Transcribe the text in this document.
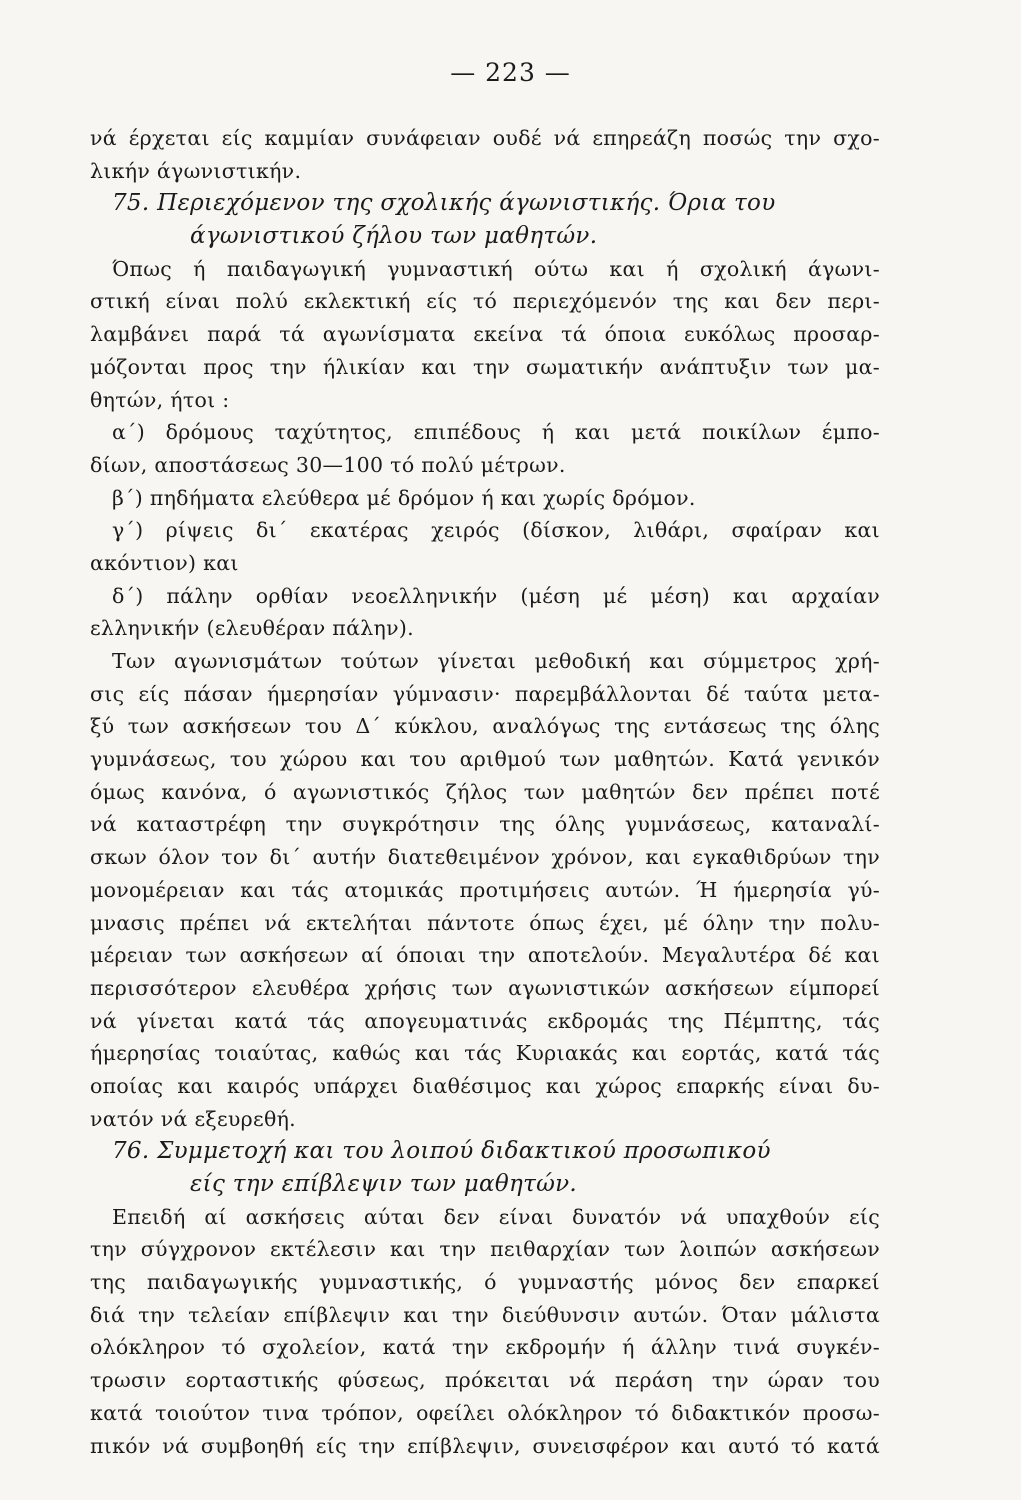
— 223 —
νά έρχεται είς καμμίαν συνάφειαν ουδέ νά επηρεάζη ποσώς την σχο-
λικήν άγωνιστικήν.
75. Περιεχόμενον της σχολικής άγωνιστικής. Όρια του
άγωνιστικού ζήλου των μαθητών.
Όπως ή παιδαγωγική γυμναστική ούτω και ή σχολική άγωνι-
στική είναι πολύ εκλεκτική είς τό περιεχόμενόν της και δεν περι-
λαμβάνει παρά τά αγωνίσματα εκείνα τά όποια ευκόλως προσαρ-
μόζονται προς την ήλικίαν και την σωματικήν ανάπτυξιν των μα-
θητών, ήτοι :
α΄) δρόμους ταχύτητος, επιπέδους ή και μετά ποικίλων έμπο-
δίων, αποστάσεως 30—100 τό πολύ μέτρων.
β΄) πηδήματα ελεύθερα μέ δρόμον ή και χωρίς δρόμον.
γ΄) ρίψεις δι΄ εκατέρας χειρός (δίσκον, λιθάρι, σφαίραν και
ακόντιον) και
δ΄) πάλην ορθίαν νεοελληνικήν (μέση μέ μέση) και αρχαίαν
ελληνικήν (ελευθέραν πάλην).
Των αγωνισμάτων τούτων γίνεται μεθοδική και σύμμετρος χρή-
σις είς πάσαν ήμερησίαν γύμνασιν· παρεμβάλλονται δέ ταύτα μετα-
ξύ των ασκήσεων του Δ΄ κύκλου, αναλόγως της εντάσεως της όλης
γυμνάσεως, του χώρου και του αριθμού των μαθητών. Κατά γενικόν
όμως κανόνα, ό αγωνιστικός ζήλος των μαθητών δεν πρέπει ποτέ
νά καταστρέφη την συγκρότησιν της όλης γυμνάσεως, καταναλί-
σκων όλον τον δι΄ αυτήν διατεθειμένον χρόνον, και εγκαθιδρύων την
μονομέρειαν και τάς ατομικάς προτιμήσεις αυτών. Ή ήμερησία γύ-
μνασις πρέπει νά εκτελήται πάντοτε όπως έχει, μέ όλην την πολυ-
μέρειαν των ασκήσεων αί όποιαι την αποτελούν. Μεγαλυτέρα δέ και
περισσότερον ελευθέρα χρήσις των αγωνιστικών ασκήσεων είμπορεί
νά γίνεται κατά τάς απογευματινάς εκδρομάς της Πέμπτης, τάς
ήμερησίας τοιαύτας, καθώς και τάς Κυριακάς και εορτάς, κατά τάς
οποίας και καιρός υπάρχει διαθέσιμος και χώρος επαρκής είναι δυ-
νατόν νά εξευρεθή.
76. Συμμετοχή και του λοιπού διδακτικού προσωπικού
είς την επίβλεψιν των μαθητών.
Επειδή αί ασκήσεις αύται δεν είναι δυνατόν νά υπαχθούν είς
την σύγχρονον εκτέλεσιν και την πειθαρχίαν των λοιπών ασκήσεων
της παιδαγωγικής γυμναστικής, ό γυμναστής μόνος δεν επαρκεί
διά την τελείαν επίβλεψιν και την διεύθυνσιν αυτών. Όταν μάλιστα
ολόκληρον τό σχολείον, κατά την εκδρομήν ή άλλην τινά συγκέν-
τρωσιν εορταστικής φύσεως, πρόκειται νά περάση την ώραν του
κατά τοιούτον τινα τρόπον, οφείλει ολόκληρον τό διδακτικόν προσω-
πικόν νά συμβοηθή είς την επίβλεψιν, συνεισφέρον και αυτό τό κατά
